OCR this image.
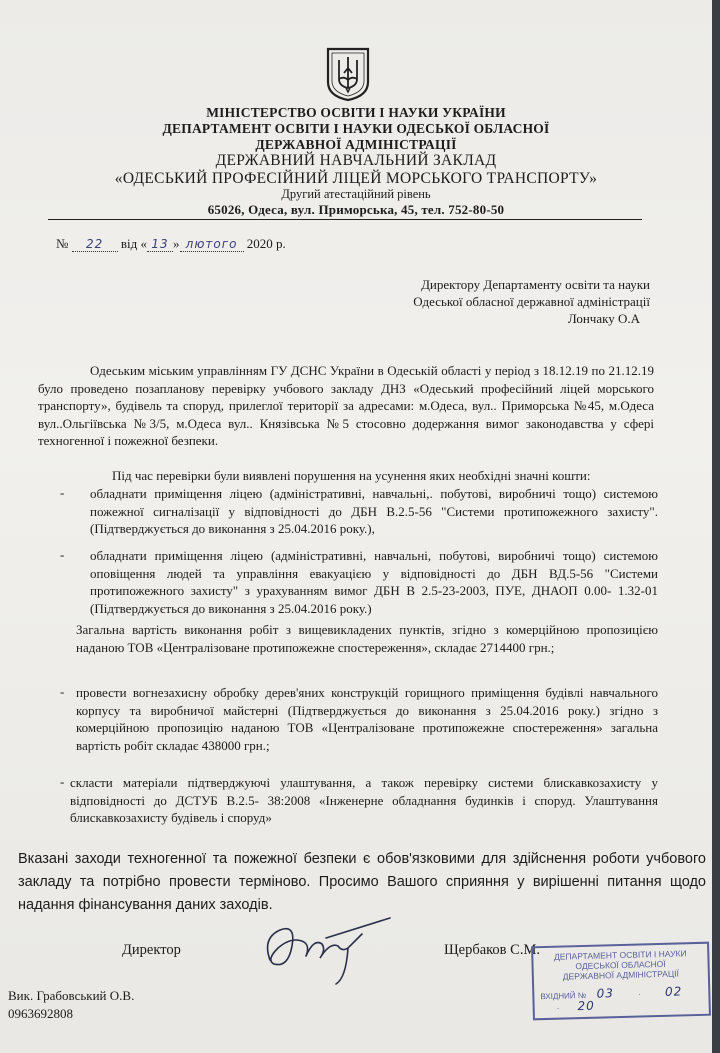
МІНІСТЕРСТВО ОСВІТИ І НАУКИ УКРАЇНИ
ДЕПАРТАМЕНТ ОСВІТИ І НАУКИ ОДЕСЬКОЇ ОБЛАСНОЇ
ДЕРЖАВНОЇ АДМІНІСТРАЦІЇ
ДЕРЖАВНИЙ НАВЧАЛЬНИЙ ЗАКЛАД
«ОДЕСЬКИЙ ПРОФЕСІЙНИЙ ЛІЦЕЙ МОРСЬКОГО ТРАНСПОРТУ»
Другий атестаційний рівень
65026, Одеса, вул. Приморська, 45, тел. 752-80-50
№ 22 від « 13 » лютого 2020 р.
Директору Департаменту освіти та науки
Одеської обласної державної адміністрації
Лончаку О.А
Одеським міським управлінням ГУ ДСНС України в Одеській області у період з 18.12.19 по 21.12.19 було проведено позапланову перевірку учбового закладу ДНЗ «Одеський професійний ліцей морського транспорту», будівель та споруд, прилеглої території за адресами: м.Одеса, вул.. Приморська №45, м.Одеса вул..Ольгіївська №3/5, м.Одеса вул.. Князівська №5 стосовно додержання вимог законодавства у сфері техногенної і пожежної безпеки.
Під час перевірки були виявлені порушення на усунення яких необхідні значні кошти:
- обладнати приміщення ліцею (адміністративні, навчальні,. побутові, виробничі тощо) системою пожежної сигналізації у відповідності до ДБН В.2.5-56 "Системи протипожежного захисту". (Підтверджується до виконання з 25.04.2016 року.),
- обладнати приміщення ліцею (адміністративні, навчальні, побутові, виробничі тощо) системою оповіщення людей та управління евакуацією у відповідності до ДБН ВД.5-56 "Системи протипожежного захисту" з урахуванням вимог ДБН В 2.5-23-2003, ПУЕ, ДНАОП 0.00- 1.32-01 (Підтверджується до виконання з 25.04.2016 року.)
Загальна вартість виконання робіт з вищевикладених пунктів, згідно з комерційною пропозицією наданою ТОВ «Централізоване протипожежне спостереження», складає 2714400 грн.;
- провести вогнезахисну обробку дерев'яних конструкцій горищного приміщення будівлі навчального корпусу та виробничої майстерні (Підтверджується до виконання з 25.04.2016 року.) згідно з комерційною пропозицію наданою ТОВ «Централізоване протипожежне спостереження» загальна вартість робіт складає 438000 грн.;
- скласти матеріали підтверджуючі улаштування, а також перевірку системи блискавкозахисту у відповідності до ДСТУБ В.2.5- 38:2008 «Інженерне обладнання будинків і споруд. Улаштування блискавкозахисту будівель і споруд»
Вказані заходи техногенної та пожежної безпеки є обов'язковими для здійснення роботи учбового закладу та потрібно провести терміново. Просимо Вашого сприяння у вирішенні питання щодо надання фінансування даних заходів.
Директор	Щербаков С.М.	ДЕПАРТАМЕНТ ОСВІТИ І НАУКИ
ОДЕСЬКОЇ ОБЛАСНОЇ
ДЕРЖАВНОЇ АДМІНІСТРАЦІЇ
ВХІДНИЙ № 03	· 02 · 20
Вик. Грабовський О.В.
0963692808
